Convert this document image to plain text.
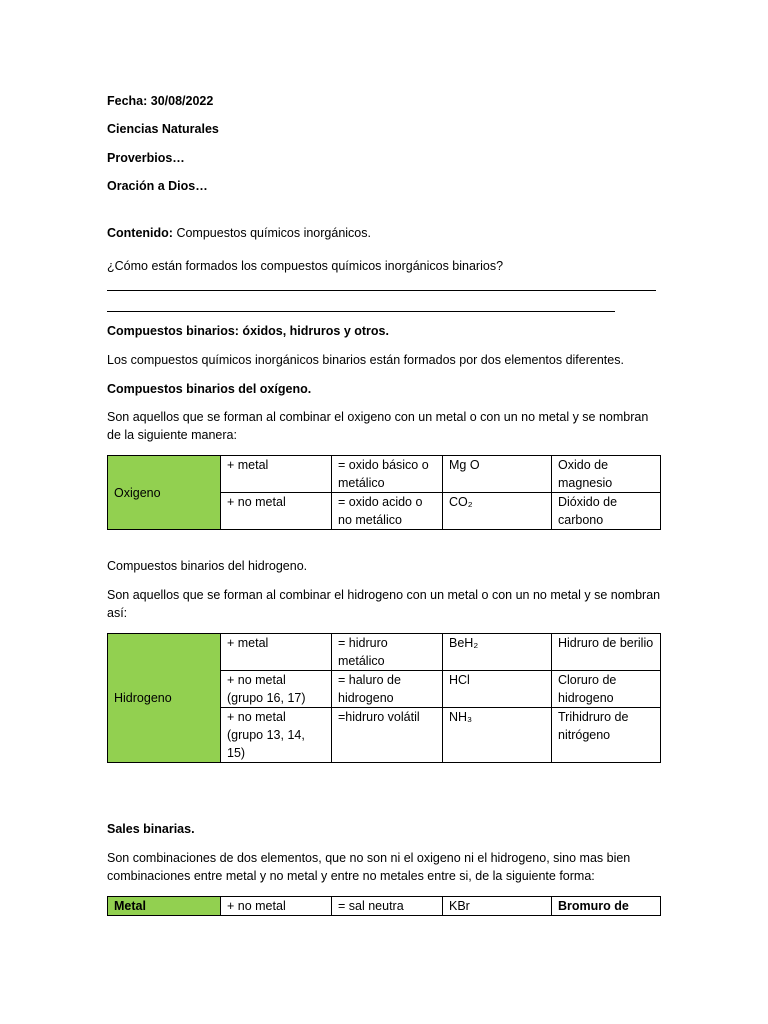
Fecha: 30/08/2022
Ciencias Naturales
Proverbios…
Oración a Dios…
Contenido: Compuestos químicos inorgánicos.
¿Cómo están formados los compuestos químicos inorgánicos binarios?
Compuestos binarios: óxidos, hidruros y otros.
Los compuestos químicos inorgánicos binarios están formados por dos elementos diferentes.
Compuestos binarios del oxígeno.
Son aquellos que se forman al combinar el oxigeno con un metal o con un no metal y se nombran de la siguiente manera:
Oxigeno	+ metal	= oxido básico o metálico	Mg O	Oxido de magnesio
	+ no metal	= oxido acido o no metálico	CO₂	Dióxido de carbono
Compuestos binarios del hidrogeno.
Son aquellos que se forman al combinar el hidrogeno con un metal o con un no metal y se nombran así:
Hidrogeno	+ metal	= hidruro metálico	BeH₂	Hidruro de berilio
	+ no metal (grupo 16, 17)	= haluro de hidrogeno	HCl	Cloruro de hidrogeno
	+ no metal (grupo 13, 14, 15)	=hidruro volátil	NH₃	Trihidruro de nitrógeno
Sales binarias.
Son combinaciones de dos elementos, que no son ni el oxigeno ni el hidrogeno, sino mas bien combinaciones entre metal y no metal y entre no metales entre si, de la siguiente forma:
Metal	+ no metal	= sal neutra	KBr	Bromuro de
